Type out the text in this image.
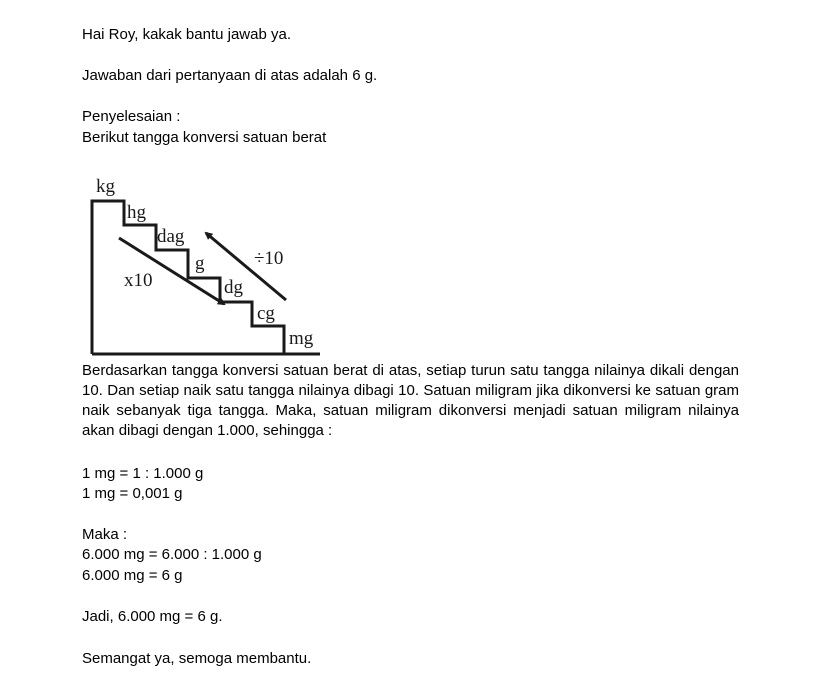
Hai Roy, kakak bantu jawab ya.
Jawaban dari pertanyaan di atas adalah 6 g.
Penyelesaian :
Berikut tangga konversi satuan berat
kg
hg
dag
g
dg
cg
mg
x10
÷10
Berdasarkan tangga konversi satuan berat di atas, setiap turun satu tangga nilainya dikali dengan
10. Dan setiap naik satu tangga nilainya dibagi 10. Satuan miligram jika dikonversi ke satuan gram
naik sebanyak tiga tangga. Maka, satuan miligram dikonversi menjadi satuan miligram nilainya
akan dibagi dengan 1.000, sehingga :
1 mg = 1 : 1.000 g
1 mg = 0,001 g
Maka :
6.000 mg = 6.000 : 1.000 g
6.000 mg = 6 g
Jadi, 6.000 mg = 6 g.
Semangat ya, semoga membantu.
